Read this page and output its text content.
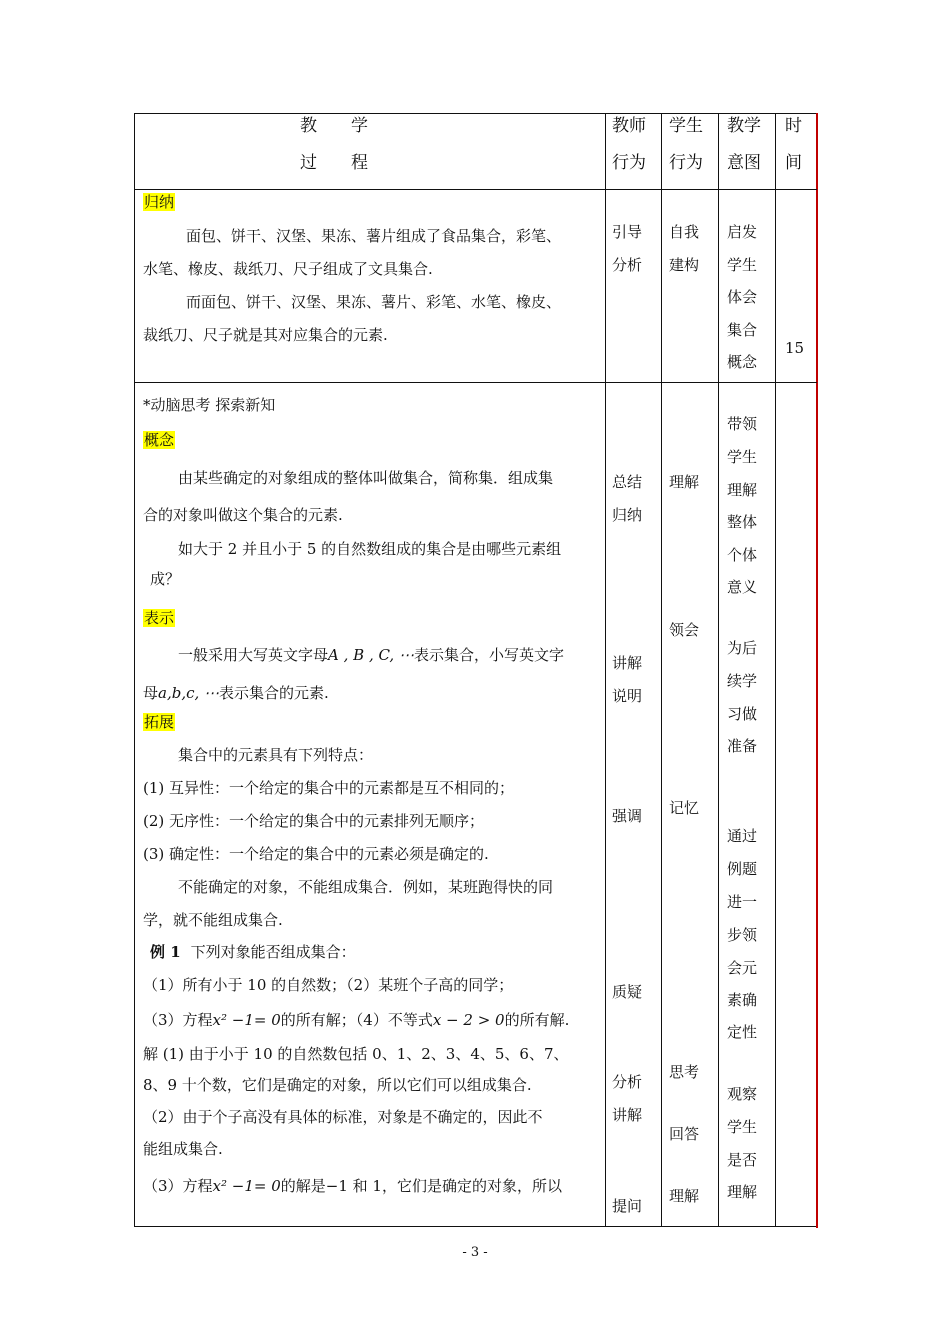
教　　学
过　　程
教师
行为
学生
行为
教学
意图
时
间
归纳
面包、饼干、汉堡、果冻、薯片组成了食品集合，彩笔、
水笔、橡皮、裁纸刀、尺子组成了文具集合.
而面包、饼干、汉堡、果冻、薯片、彩笔、水笔、橡皮、
裁纸刀、尺子就是其对应集合的元素.
引导
分析
自我
建构
启发
学生
体会
集合
概念
15
*动脑思考 探索新知
概念
由某些确定的对象组成的整体叫做集合，简称集．组成集
合的对象叫做这个集合的元素.
如大于 2 并且小于 5 的自然数组成的集合是由哪些元素组
成？
表示
一般采用大写英文字母A , B , C, ⋯表示集合，小写英文字
母a,b,c, ⋯表示集合的元素.
拓展
集合中的元素具有下列特点：
(1) 互异性：一个给定的集合中的元素都是互不相同的；
(2) 无序性：一个给定的集合中的元素排列无顺序；
(3) 确定性：一个给定的集合中的元素必须是确定的.
不能确定的对象，不能组成集合．例如，某班跑得快的同
学，就不能组成集合.
例 1 下列对象能否组成集合：
（1）所有小于 10 的自然数；（2）某班个子高的同学；
（3）方程x² −1= 0的所有解；（4）不等式x − 2 > 0的所有解.
解 (1) 由于小于 10 的自然数包括 0、1、2、3、4、5、6、7、
8、9 十个数，它们是确定的对象，所以它们可以组成集合.
（2）由于个子高没有具体的标准，对象是不确定的，因此不
能组成集合.
（3）方程x² −1= 0的解是−1 和 1，它们是确定的对象，所以
总结
归纳
讲解
说明
强调
质疑
分析
讲解
提问
理解
领会
记忆
思考
回答
理解
带领
学生
理解
整体
个体
意义
为后
续学
习做
准备
通过
例题
进一
步领
会元
素确
定性
观察
学生
是否
理解
- 3 -
